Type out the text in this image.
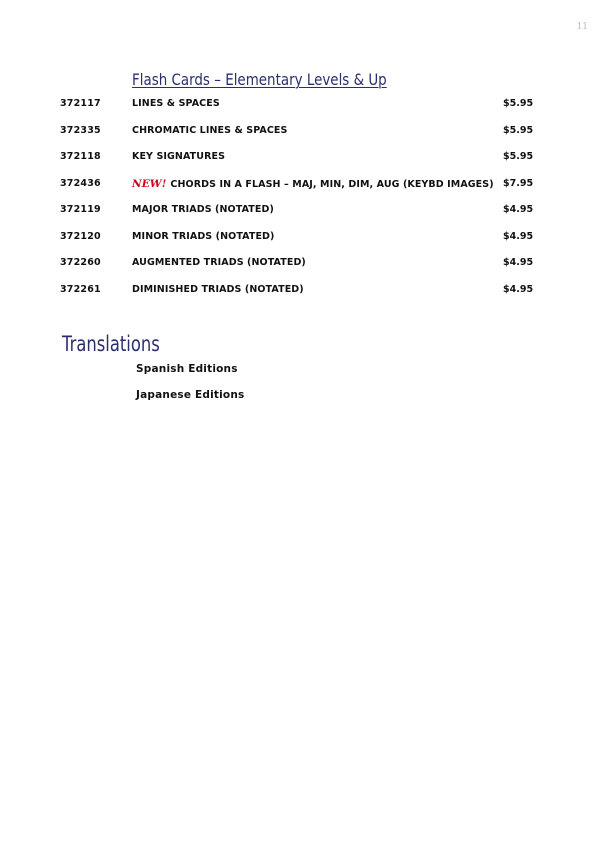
11
Flash Cards – Elementary Levels & Up
372117	LINES & SPACES	$5.95
372335	CHROMATIC LINES & SPACES	$5.95
372118	KEY SIGNATURES	$5.95
372436	NEW! CHORDS IN A FLASH – MAJ, MIN, DIM, AUG (KEYBD IMAGES) $7.95
372119	MAJOR TRIADS (NOTATED)	$4.95
372120	MINOR TRIADS (NOTATED)	$4.95
372260	AUGMENTED TRIADS (NOTATED)	$4.95
372261	DIMINISHED TRIADS (NOTATED)	$4.95
Translations
Spanish Editions
Japanese Editions
